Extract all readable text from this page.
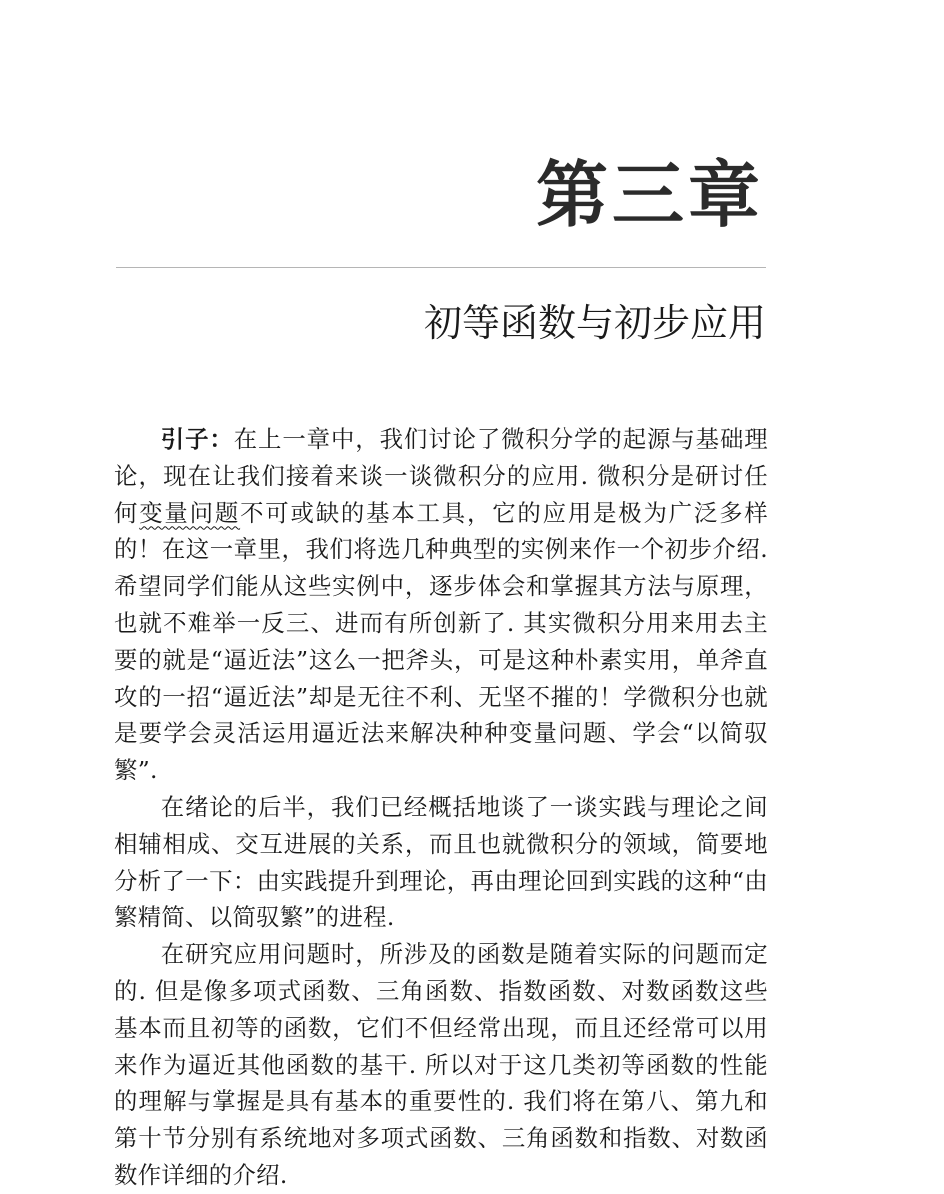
第三章
初等函数与初步应用

引子：在上一章中，我们讨论了微积分学的起源与基础理论，现在让我们接着来谈一谈微积分的应用. 微积分是研讨任何变量问题不可或缺的基本工具，它的应用是极为广泛多样的！在这一章里，我们将选几种典型的实例来作一个初步介绍. 希望同学们能从这些实例中，逐步体会和掌握其方法与原理，也就不难举一反三、进而有所创新了. 其实微积分用来用去主要的就是“逼近法”这么一把斧头，可是这种朴素实用，单斧直攻的一招“逼近法”却是无往不利、无坚不摧的！学微积分也就是要学会灵活运用逼近法来解决种种变量问题、学会“以简驭繁”.

在绪论的后半，我们已经概括地谈了一谈实践与理论之间相辅相成、交互进展的关系，而且也就微积分的领域，简要地分析了一下：由实践提升到理论，再由理论回到实践的这种“由繁精简、以简驭繁”的进程.

在研究应用问题时，所涉及的函数是随着实际的问题而定的. 但是像多项式函数、三角函数、指数函数、对数函数这些基本而且初等的函数，它们不但经常出现，而且还经常可以用来作为逼近其他函数的基干. 所以对于这几类初等函数的性能的理解与掌握是具有基本的重要性的. 我们将在第八、第九和第十节分别有系统地对多项式函数、三角函数和指数、对数函数作详细的介绍.
